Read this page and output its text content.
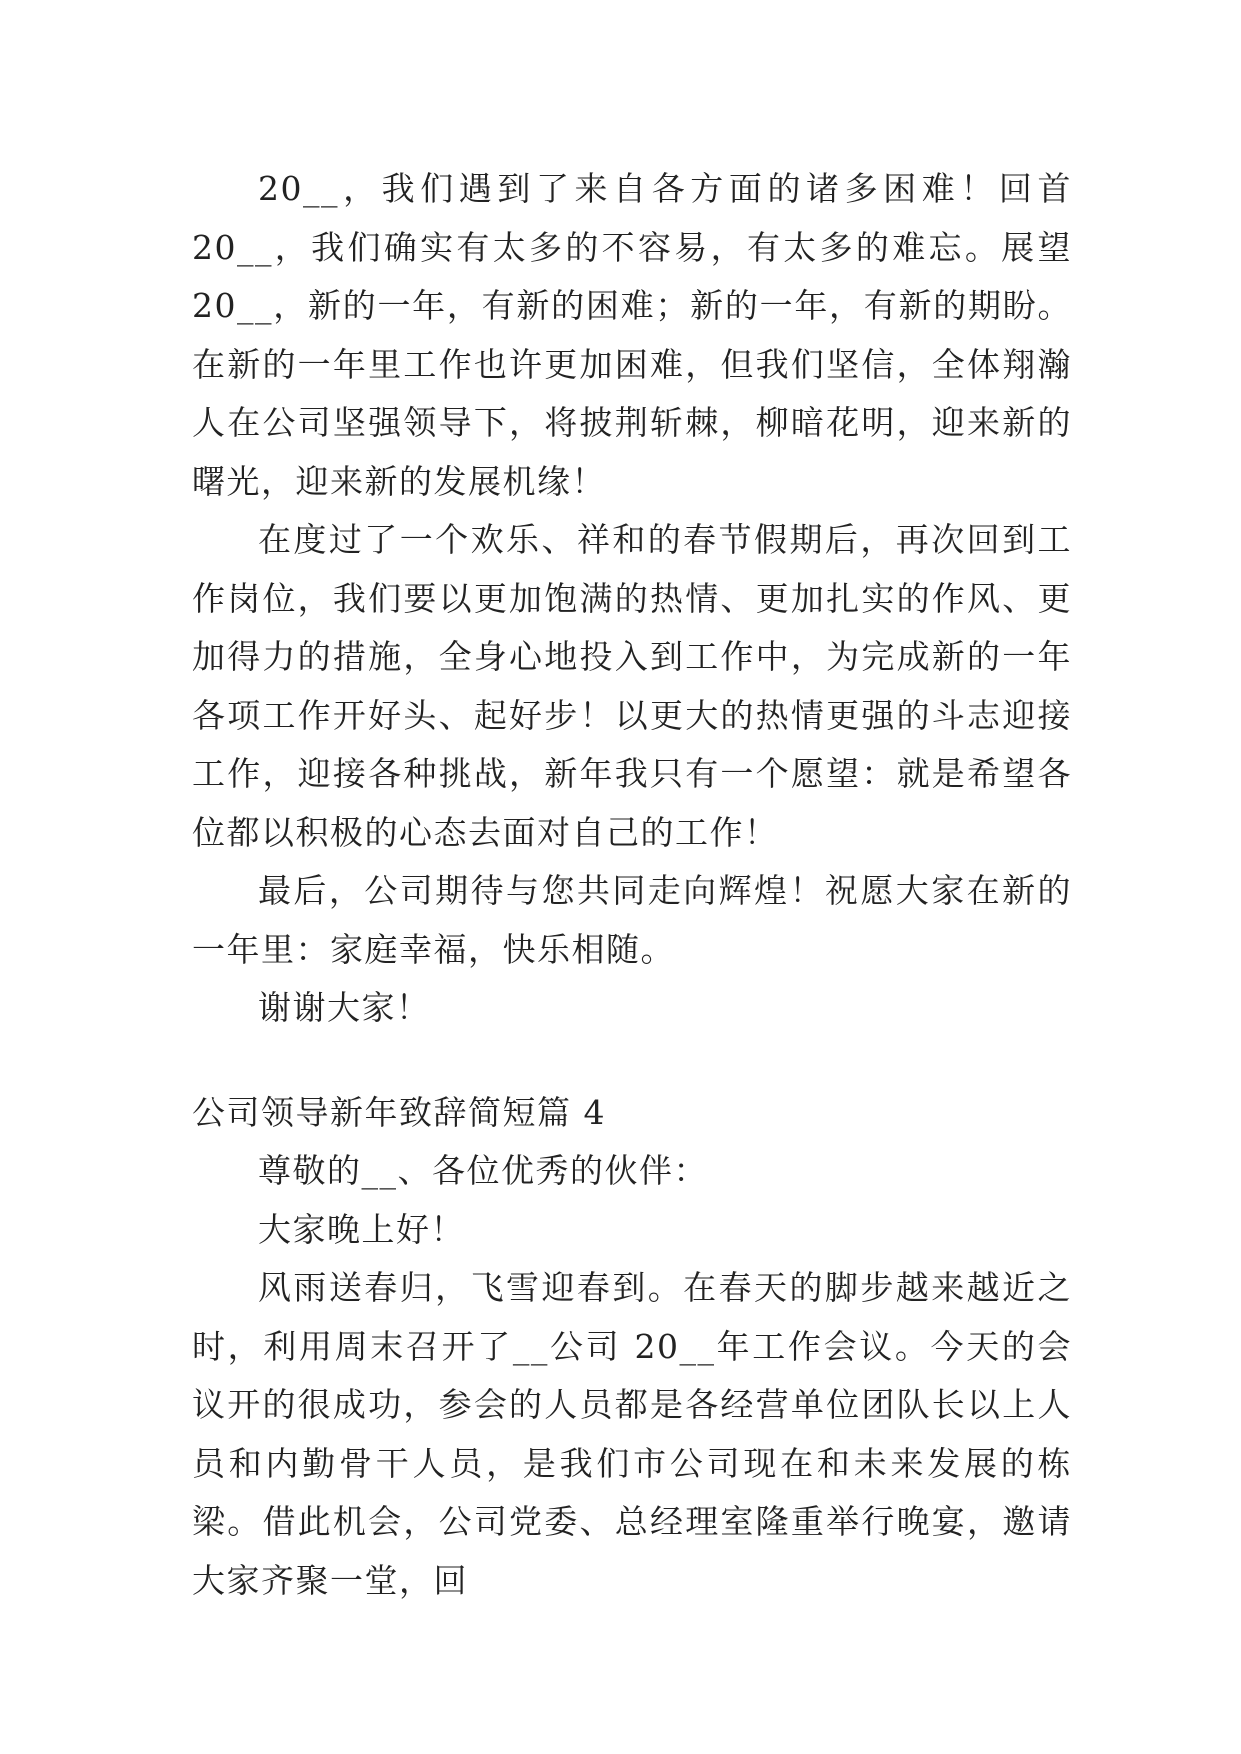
20__，我们遇到了来自各方面的诸多困难！回首20__，我们确实有太多的不容易，有太多的难忘。展望20__，新的一年，有新的困难；新的一年，有新的期盼。在新的一年里工作也许更加困难，但我们坚信，全体翔瀚人在公司坚强领导下，将披荆斩棘，柳暗花明，迎来新的曙光，迎来新的发展机缘！

在度过了一个欢乐、祥和的春节假期后，再次回到工作岗位，我们要以更加饱满的热情、更加扎实的作风、更加得力的措施，全身心地投入到工作中，为完成新的一年各项工作开好头、起好步！以更大的热情更强的斗志迎接工作，迎接各种挑战，新年我只有一个愿望：就是希望各位都以积极的心态去面对自己的工作！

最后，公司期待与您共同走向辉煌！祝愿大家在新的一年里：家庭幸福，快乐相随。

谢谢大家！

公司领导新年致辞简短篇 4

尊敬的__、各位优秀的伙伴：

大家晚上好！

风雨送春归，飞雪迎春到。在春天的脚步越来越近之时，利用周末召开了__公司 20__年工作会议。今天的会议开的很成功，参会的人员都是各经营单位团队长以上人员和内勤骨干人员，是我们市公司现在和未来发展的栋梁。借此机会，公司党委、总经理室隆重举行晚宴，邀请大家齐聚一堂，回
